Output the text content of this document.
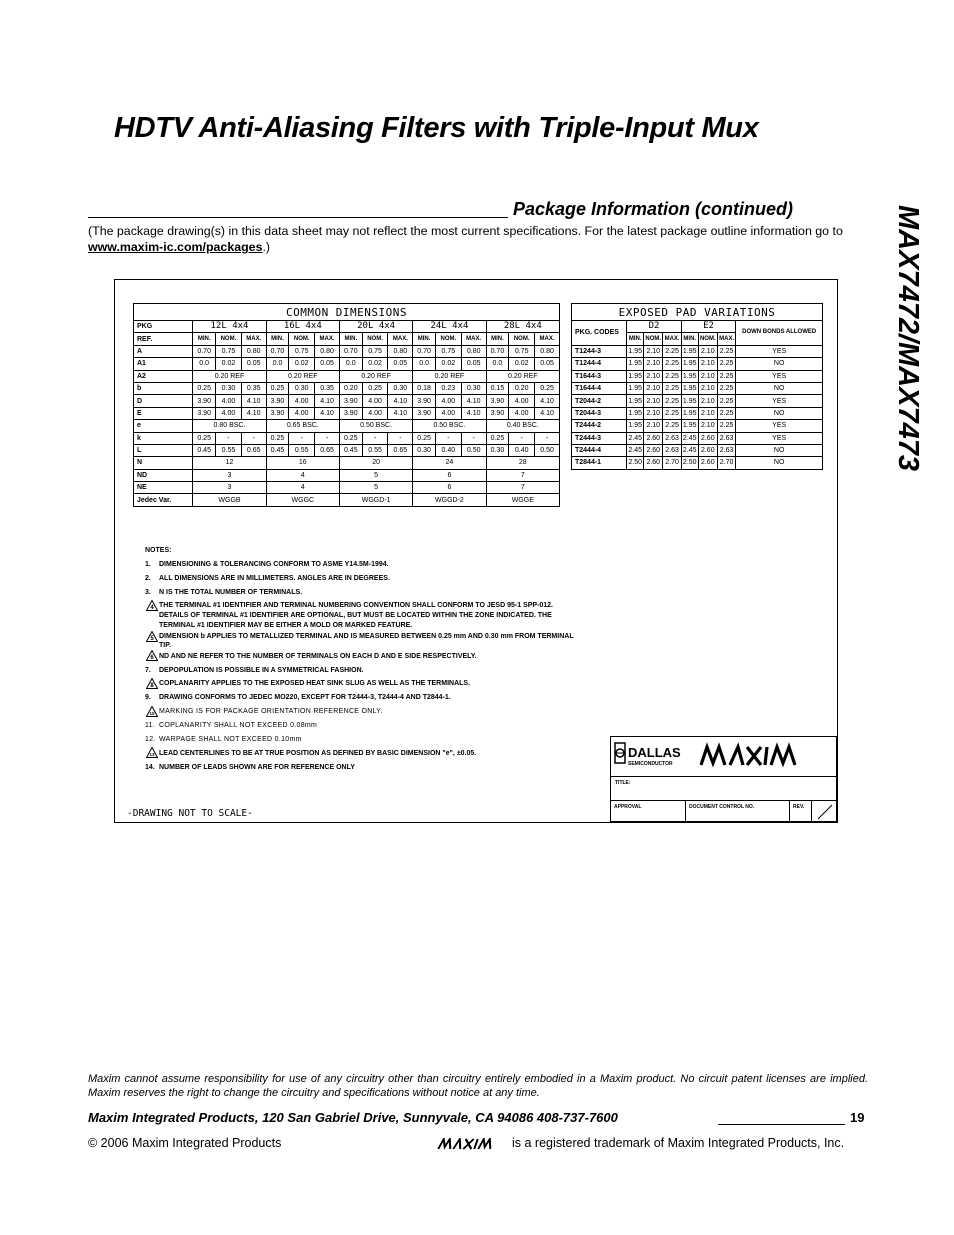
HDTV Anti-Aliasing Filters with Triple-Input Mux
MAX7472/MAX7473
Package Information (continued)
(The package drawing(s) in this data sheet may not reflect the most current specifications. For the latest package outline information go to www.maxim-ic.com/packages.)
COMMON DIMENSIONS															
PKG	12L 4x4			16L 4x4			20L 4x4			24L 4x4			28L 4x4		
REF.	MIN.	NOM.	MAX.	MIN.	NOM.	MAX.	MIN.	NOM.	MAX.	MIN.	NOM.	MAX.	MIN.	NOM.	MAX.
A	0.70	0.75	0.80	0.70	0.75	0.80	0.70	0.75	0.80	0.70	0.75	0.80	0.70	0.75	0.80
A1	0.0	0.02	0.05	0.0	0.02	0.05	0.0	0.02	0.05	0.0	0.02	0.05	0.0	0.02	0.05
A2	0.20 REF			0.20 REF			0.20 REF			0.20 REF			0.20 REF		
b	0.25	0.30	0.35	0.25	0.30	0.35	0.20	0.25	0.30	0.18	0.23	0.30	0.15	0.20	0.25
D	3.90	4.00	4.10	3.90	4.00	4.10	3.90	4.00	4.10	3.90	4.00	4.10	3.90	4.00	4.10
E	3.90	4.00	4.10	3.90	4.00	4.10	3.90	4.00	4.10	3.90	4.00	4.10	3.90	4.00	4.10
e	0.80 BSC.			0.65 BSC.			0.50 BSC.			0.50 BSC.			0.40 BSC.		
k	0.25	-	-	0.25	-	-	0.25	-	-	0.25	-	-	0.25	-	-
L	0.45	0.55	0.65	0.45	0.55	0.65	0.45	0.55	0.65	0.30	0.40	0.50	0.30	0.40	0.50
N	12			16			20			24			28		
ND	3			4			5			6			7		
NE	3			4			5			6			7		
Jedec Var.	WGGB			WGGC			WGGD-1			WGGD-2			WGGE		
EXPOSED PAD VARIATIONS							
PKG. CODES	D2			E2			DOWN BONDS ALLOWED
	MIN.	NOM.	MAX.	MIN.	NOM.	MAX.	
T1244-3	1.95	2.10	2.25	1.95	2.10	2.25	YES
T1244-4	1.95	2.10	2.25	1.95	2.10	2.25	NO
T1644-3	1.95	2.10	2.25	1.95	2.10	2.25	YES
T1644-4	1.95	2.10	2.25	1.95	2.10	2.25	NO
T2044-2	1.95	2.10	2.25	1.95	2.10	2.25	YES
T2044-3	1.95	2.10	2.25	1.95	2.10	2.25	NO
T2444-2	1.95	2.10	2.25	1.95	2.10	2.25	YES
T2444-3	2.45	2.60	2.63	2.45	2.60	2.63	YES
T2444-4	2.45	2.60	2.63	2.45	2.60	2.63	NO
T2844-1	2.50	2.60	2.70	2.50	2.60	2.70	NO
NOTES:
1.	DIMENSIONING & TOLERANCING CONFORM TO ASME Y14.5M-1994.
2.	ALL DIMENSIONS ARE IN MILLIMETERS. ANGLES ARE IN DEGREES.
3.	N IS THE TOTAL NUMBER OF TERMINALS.
4 THE TERMINAL #1 IDENTIFIER AND TERMINAL NUMBERING CONVENTION SHALL CONFORM TO JESD 95-1 SPP-012. DETAILS OF TERMINAL #1 IDENTIFIER ARE OPTIONAL, BUT MUST BE LOCATED WITHIN THE ZONE INDICATED. THE TERMINAL #1 IDENTIFIER MAY BE EITHER A MOLD OR MARKED FEATURE.
5 DIMENSION b APPLIES TO METALLIZED TERMINAL AND IS MEASURED BETWEEN 0.25 mm AND 0.30 mm FROM TERMINAL TIP.
6 ND AND NE REFER TO THE NUMBER OF TERMINALS ON EACH D AND E SIDE RESPECTIVELY.
7.	DEPOPULATION IS POSSIBLE IN A SYMMETRICAL FASHION.
8 COPLANARITY APPLIES TO THE EXPOSED HEAT SINK SLUG AS WELL AS THE TERMINALS.
9.	DRAWING CONFORMS TO JEDEC MO220, EXCEPT FOR T2444-3, T2444-4 AND T2844-1.
10 MARKING IS FOR PACKAGE ORIENTATION REFERENCE ONLY.
11. COPLANARITY SHALL NOT EXCEED 0.08mm
12. WARPAGE SHALL NOT EXCEED 0.10mm
13 LEAD CENTERLINES TO BE AT TRUE POSITION AS DEFINED BY BASIC DIMENSION "e", ±0.05.
14. NUMBER OF LEADS SHOWN ARE FOR REFERENCE ONLY
-DRAWING NOT TO SCALE-
DALLAS
SEMICONDUCTOR
TITLE:
APPROVAL	DOCUMENT CONTROL NO.	REV.
Maxim cannot assume responsibility for use of any circuitry other than circuitry entirely embodied in a Maxim product. No circuit patent licenses are implied. Maxim reserves the right to change the circuitry and specifications without notice at any time.
Maxim Integrated Products, 120 San Gabriel Drive, Sunnyvale, CA 94086 408-737-7600	19
© 2006 Maxim Integrated Products	is a registered trademark of Maxim Integrated Products, Inc.
